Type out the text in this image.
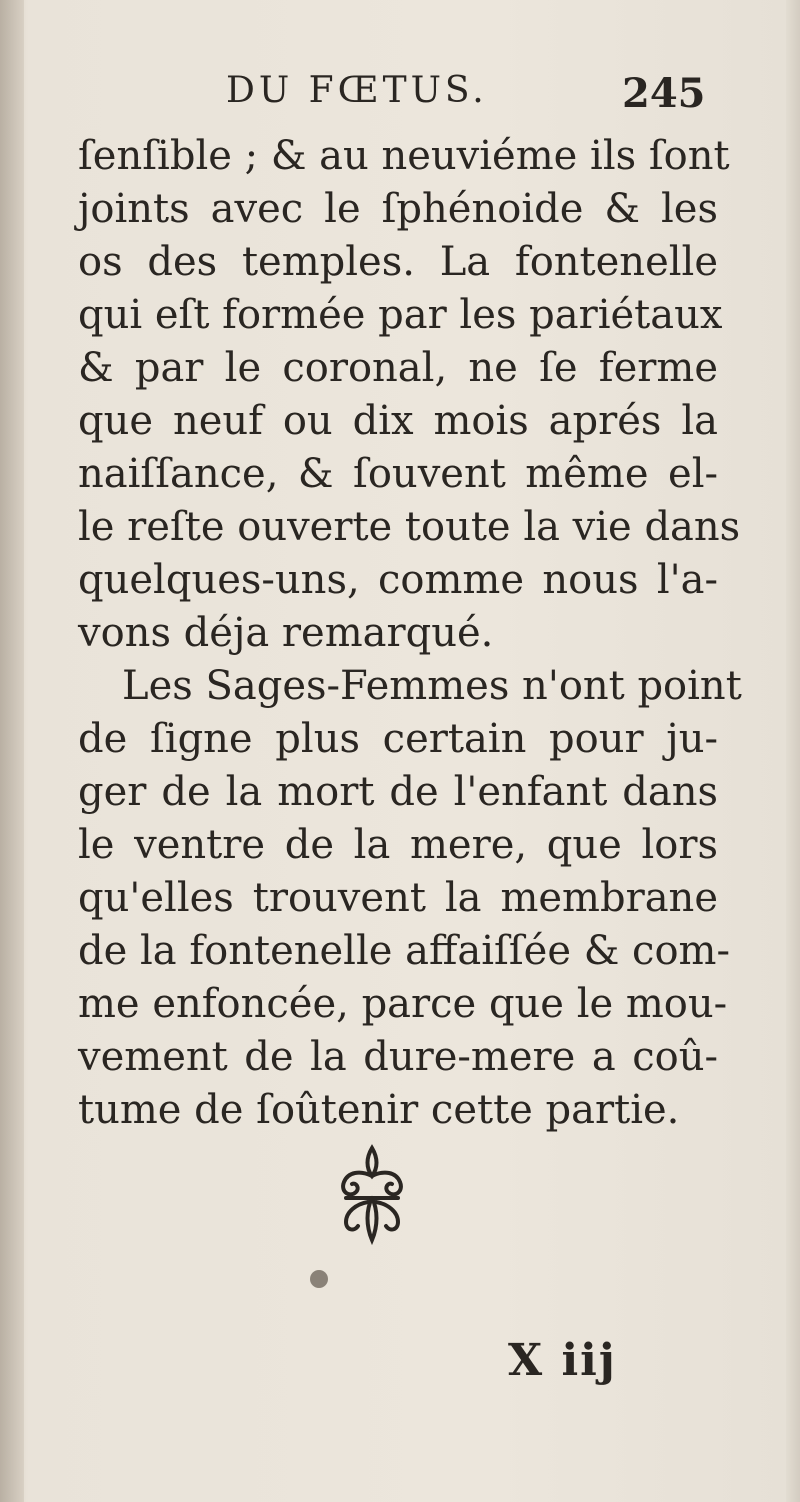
DU FŒTUS.	245
ſenſible ; & au neuviéme ils ſont
joints avec le ſphénoide & les
os des temples. La fontenelle
qui eſt formée par les pariétaux
& par le coronal, ne ſe ferme
que neuf ou dix mois aprés la
naiſſance, & ſouvent même el-
le reſte ouverte toute la vie dans
quelques-uns, comme nous l'a-
vons déja remarqué.
Les Sages-Femmes n'ont point
de ſigne plus certain pour ju-
ger de la mort de l'enfant dans
le ventre de la mere, que lors
qu'elles trouvent la membrane
de la fontenelle affaiſſée & com-
me enfoncée, parce que le mou-
vement de la dure-mere a coû-
tume de ſoûtenir cette partie.
X iij
